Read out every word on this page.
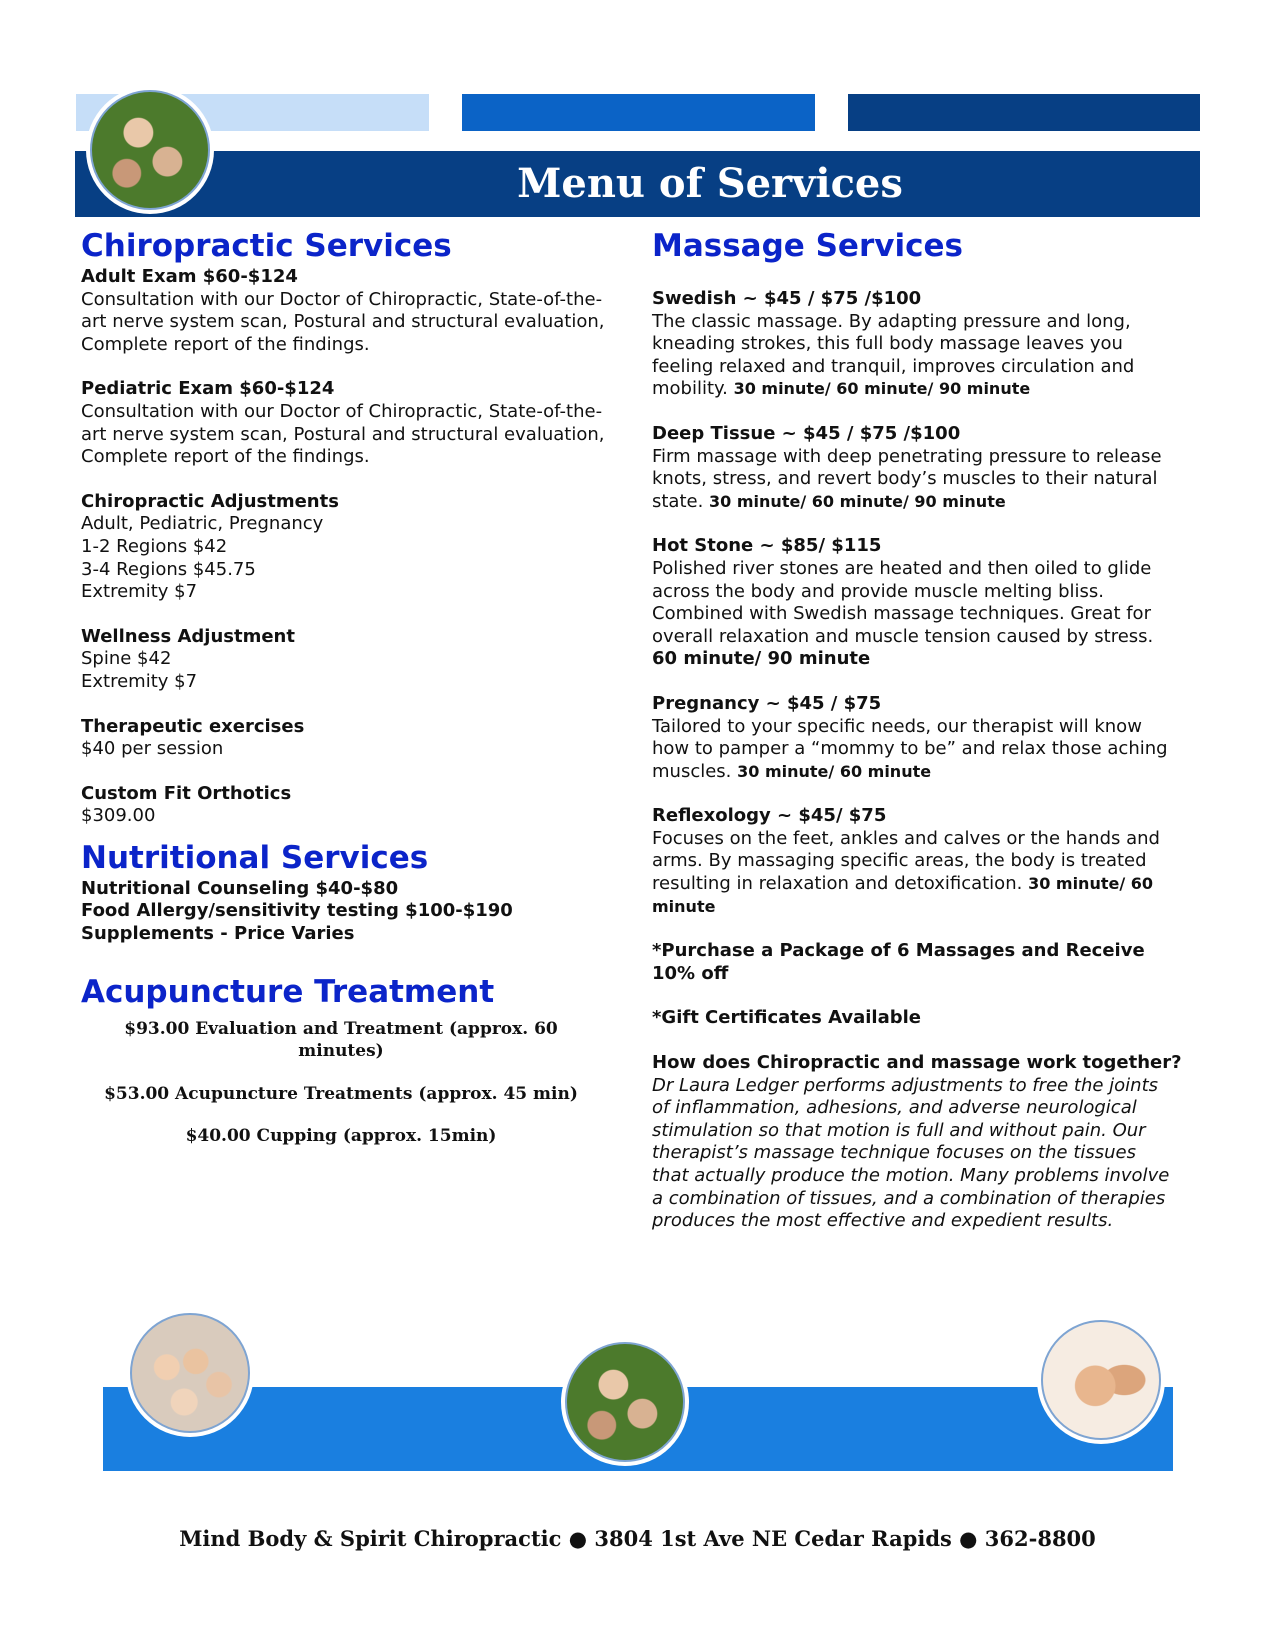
Menu of Services
Chiropractic Services
Adult Exam $60-$124
Consultation with our Doctor of Chiropractic, State-of-the-
art nerve system scan, Postural and structural evaluation,
Complete report of the findings.
Pediatric Exam $60-$124
Consultation with our Doctor of Chiropractic, State-of-the-
art nerve system scan, Postural and structural evaluation,
Complete report of the findings.
Chiropractic Adjustments
Adult, Pediatric, Pregnancy
1-2 Regions $42
3-4 Regions $45.75
Extremity $7
Wellness Adjustment
Spine $42
Extremity $7
Therapeutic exercises
$40 per session
Custom Fit Orthotics
$309.00
Nutritional Services
Nutritional Counseling $40-$80
Food Allergy/sensitivity testing $100-$190
Supplements - Price Varies
Acupuncture Treatment
$93.00 Evaluation and Treatment (approx. 60 minutes)
$53.00 Acupuncture Treatments (approx. 45 min)
$40.00 Cupping (approx. 15min)
Massage Services
Swedish ~ $45 / $75 /$100
The classic massage. By adapting pressure and long,
kneading strokes, this full body massage leaves you
feeling relaxed and tranquil, improves circulation and
mobility. 30 minute/ 60 minute/ 90 minute
Deep Tissue ~ $45 / $75 /$100
Firm massage with deep penetrating pressure to release
knots, stress, and revert body’s muscles to their natural
state. 30 minute/ 60 minute/ 90 minute
Hot Stone ~ $85/ $115
Polished river stones are heated and then oiled to glide
across the body and provide muscle melting bliss.
Combined with Swedish massage techniques. Great for
overall relaxation and muscle tension caused by stress.
60 minute/ 90 minute
Pregnancy ~ $45 / $75
Tailored to your specific needs, our therapist will know
how to pamper a “mommy to be” and relax those aching
muscles. 30 minute/ 60 minute
Reflexology ~ $45/ $75
Focuses on the feet, ankles and calves or the hands and
arms. By massaging specific areas, the body is treated
resulting in relaxation and detoxification. 30 minute/ 60
minute
*Purchase a Package of 6 Massages and Receive
10% off
*Gift Certificates Available
How does Chiropractic and massage work together?
Dr Laura Ledger performs adjustments to free the joints
of inflammation, adhesions, and adverse neurological
stimulation so that motion is full and without pain. Our
therapist’s massage technique focuses on the tissues
that actually produce the motion. Many problems involve
a combination of tissues, and a combination of therapies
produces the most effective and expedient results.
Mind Body & Spirit Chiropractic ● 3804 1st Ave NE Cedar Rapids ● 362-8800
